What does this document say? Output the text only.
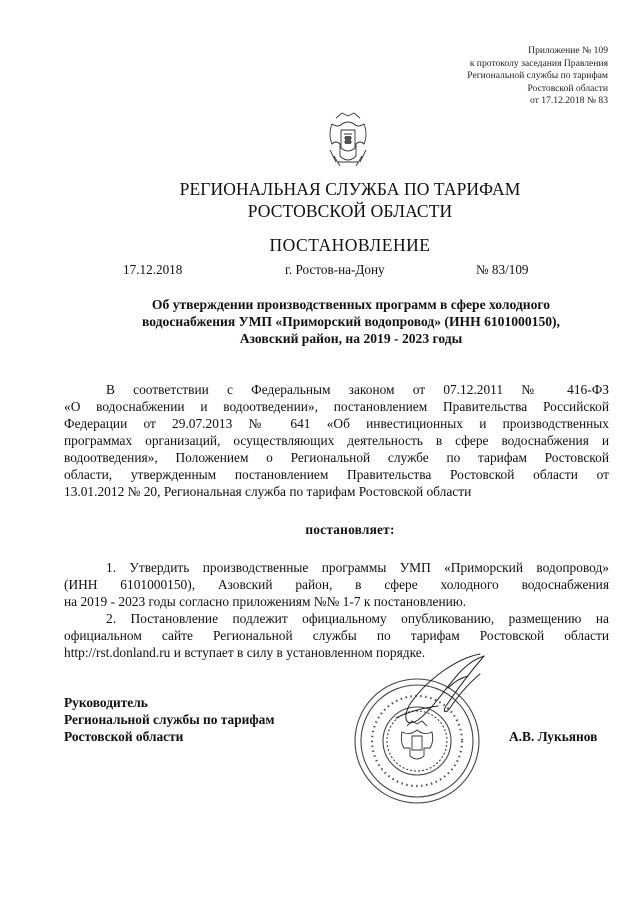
Приложение № 109
к протоколу заседания Правления
Региональной службы по тарифам
Ростовской области
от 17.12.2018 № 83
РЕГИОНАЛЬНАЯ СЛУЖБА ПО ТАРИФАМ
РОСТОВСКОЙ ОБЛАСТИ
ПОСТАНОВЛЕНИЕ
17.12.2018	г. Ростов-на-Дону	№ 83/109
Об утверждении производственных программ в сфере холодного
водоснабжения УМП «Приморский водопровод» (ИНН 6101000150),
Азовский район, на 2019 - 2023 годы
В соответствии с Федеральным законом от 07.12.2011 № 416-ФЗ
«О водоснабжении и водоотведении», постановлением Правительства Российской
Федерации от 29.07.2013 № 641 «Об инвестиционных и производственных
программах организаций, осуществляющих деятельность в сфере водоснабжения и
водоотведения», Положением о Региональной службе по тарифам Ростовской
области, утвержденным постановлением Правительства Ростовской области от
13.01.2012 № 20, Региональная служба по тарифам Ростовской области
постановляет:
1. Утвердить производственные программы УМП «Приморский водопровод»
(ИНН 6101000150), Азовский район, в сфере холодного водоснабжения
на 2019 - 2023 годы согласно приложениям №№ 1-7 к постановлению.
2. Постановление подлежит официальному опубликованию, размещению на
официальном сайте Региональной службы по тарифам Ростовской области
http://rst.donland.ru и вступает в силу в установленном порядке.
Руководитель
Региональной службы по тарифам
Ростовской области	А.В. Лукьянов
